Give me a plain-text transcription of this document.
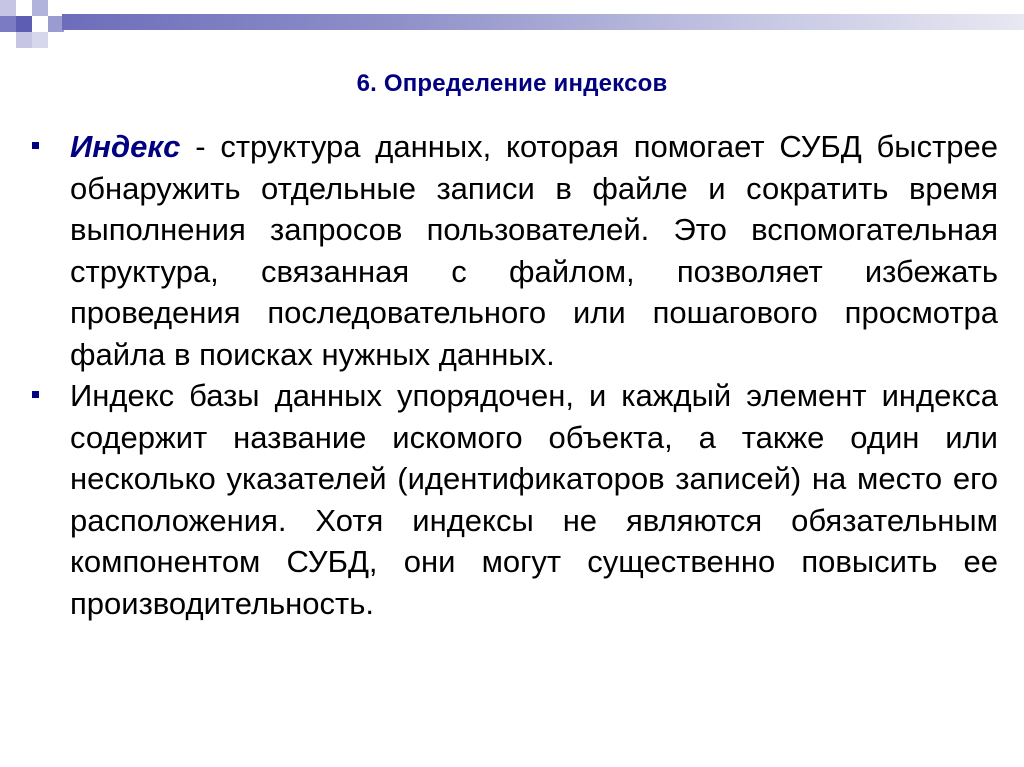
6. Определение индексов
Индекс - структура данных, которая помогает СУБД быстрее обнаружить отдельные записи в файле и сократить время выполнения запросов пользователей. Это вспомогательная структура, связанная с файлом, позволяет избежать проведения последовательного или пошагового просмотра файла в поисках нужных данных.
Индекс базы данных упорядочен, и каждый элемент индекса содержит название искомого объекта, а также один или несколько указателей (идентификаторов записей) на место его расположения. Хотя индексы не являются обязательным компонентом СУБД, они могут существенно повысить ее производительность.
